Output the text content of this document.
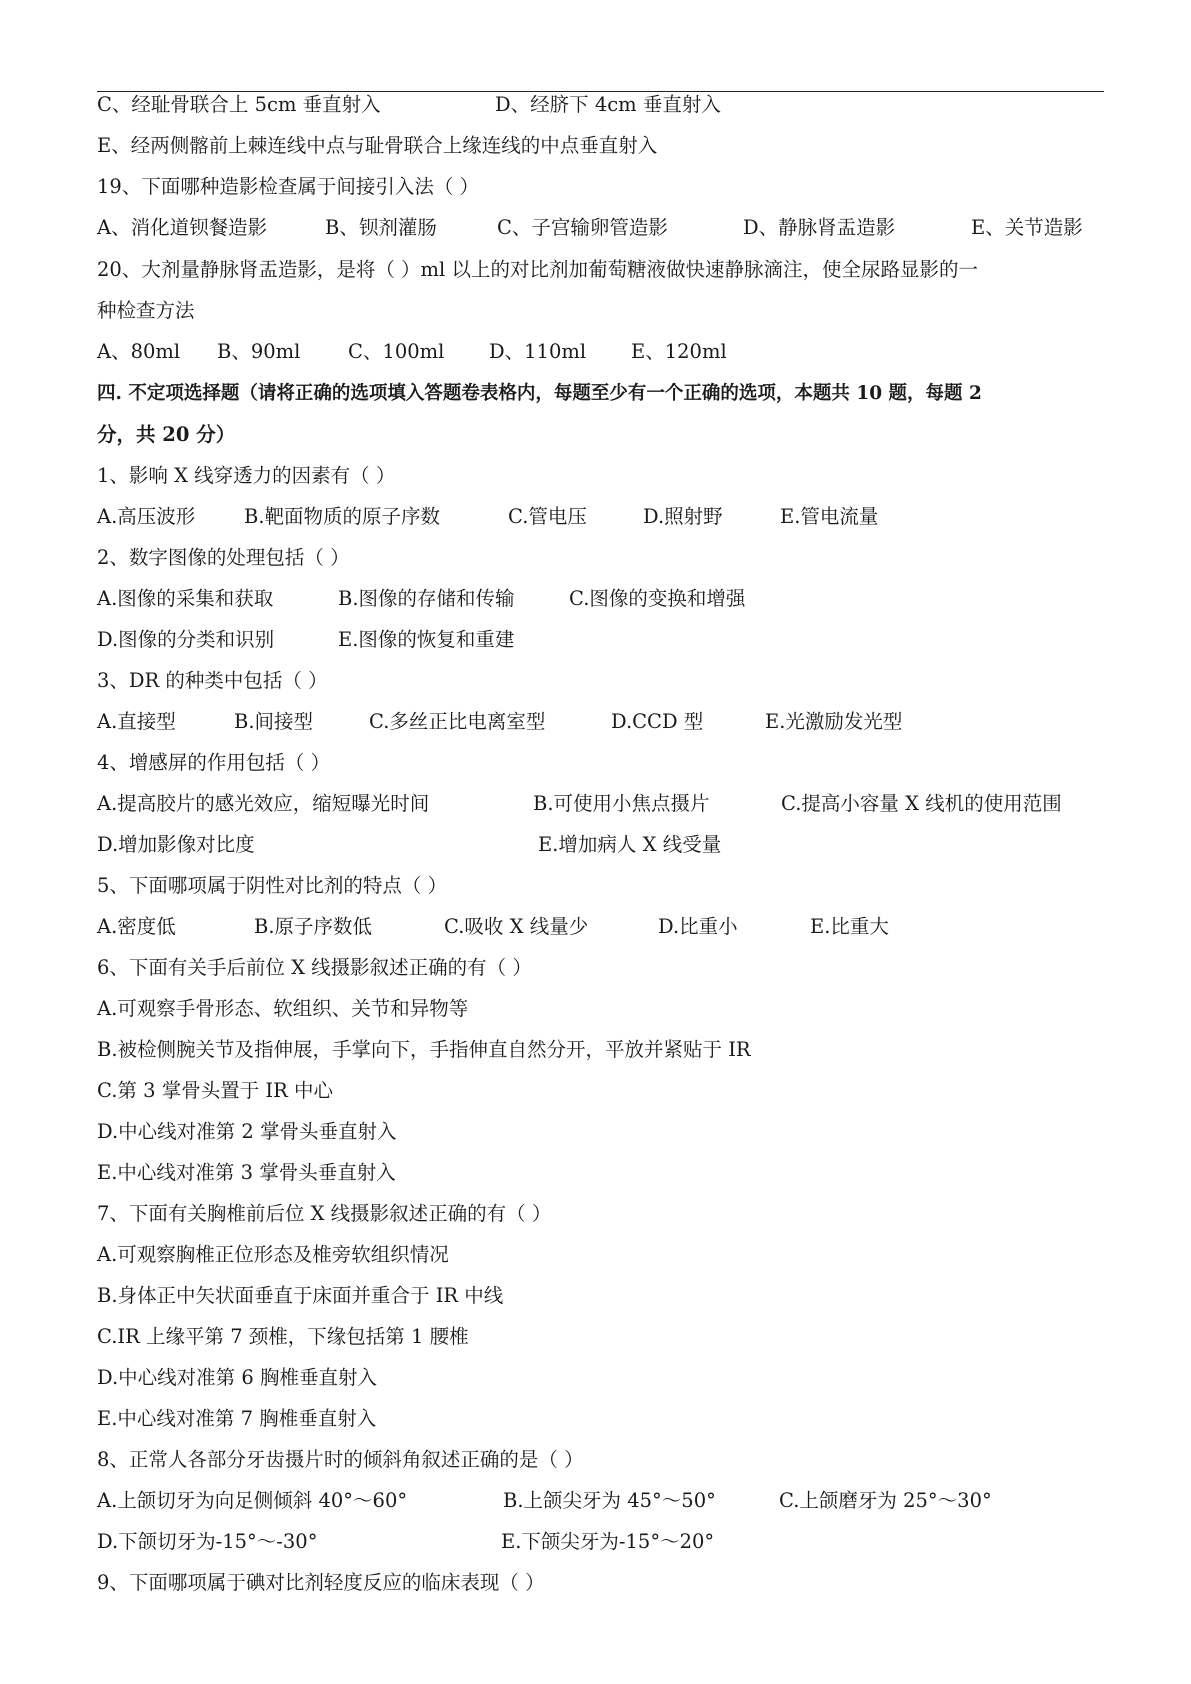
C、经耻骨联合上 5cm 垂直射入	D、经脐下 4cm 垂直射入
E、经两侧髂前上棘连线中点与耻骨联合上缘连线的中点垂直射入
19、下面哪种造影检查属于间接引入法（ ）
A、消化道钡餐造影	B、钡剂灌肠	C、子宫输卵管造影	D、静脉肾盂造影	E、关节造影
20、大剂量静脉肾盂造影，是将（ ）ml 以上的对比剂加葡萄糖液做快速静脉滴注，使全尿路显影的一
种检查方法
A、80ml B、90ml C、100ml D、110ml E、120ml
四. 不定项选择题（请将正确的选项填入答题卷表格内，每题至少有一个正确的选项，本题共 10 题，每题 2
分，共 20 分）
1、影响 X 线穿透力的因素有（ ）
A.高压波形 B.靶面物质的原子序数	C.管电压	D.照射野	E.管电流量
2、数字图像的处理包括（ ）
A.图像的采集和获取	B.图像的存储和传输	C.图像的变换和增强
D.图像的分类和识别	E.图像的恢复和重建
3、DR 的种类中包括（ ）
A.直接型	B.间接型	C.多丝正比电离室型	D.CCD 型	E.光激励发光型
4、增感屏的作用包括（ ）
A.提高胶片的感光效应，缩短曝光时间	B.可使用小焦点摄片	C.提高小容量 X 线机的使用范围
D.增加影像对比度	E.增加病人 X 线受量
5、下面哪项属于阴性对比剂的特点（ ）
A.密度低	B.原子序数低	C.吸收 X 线量少	D.比重小	E.比重大
6、下面有关手后前位 X 线摄影叙述正确的有（ ）
A.可观察手骨形态、软组织、关节和异物等
B.被检侧腕关节及指伸展，手掌向下，手指伸直自然分开，平放并紧贴于 IR
C.第 3 掌骨头置于 IR 中心
D.中心线对准第 2 掌骨头垂直射入
E.中心线对准第 3 掌骨头垂直射入
7、下面有关胸椎前后位 X 线摄影叙述正确的有（ ）
A.可观察胸椎正位形态及椎旁软组织情况
B.身体正中矢状面垂直于床面并重合于 IR 中线
C.IR 上缘平第 7 颈椎，下缘包括第 1 腰椎
D.中心线对准第 6 胸椎垂直射入
E.中心线对准第 7 胸椎垂直射入
8、正常人各部分牙齿摄片时的倾斜角叙述正确的是（ ）
A.上颌切牙为向足侧倾斜 40°～60°	B.上颌尖牙为 45°～50°	C.上颌磨牙为 25°～30°
D.下颌切牙为-15°～-30°	E.下颌尖牙为-15°～20°
9、下面哪项属于碘对比剂轻度反应的临床表现（ ）
